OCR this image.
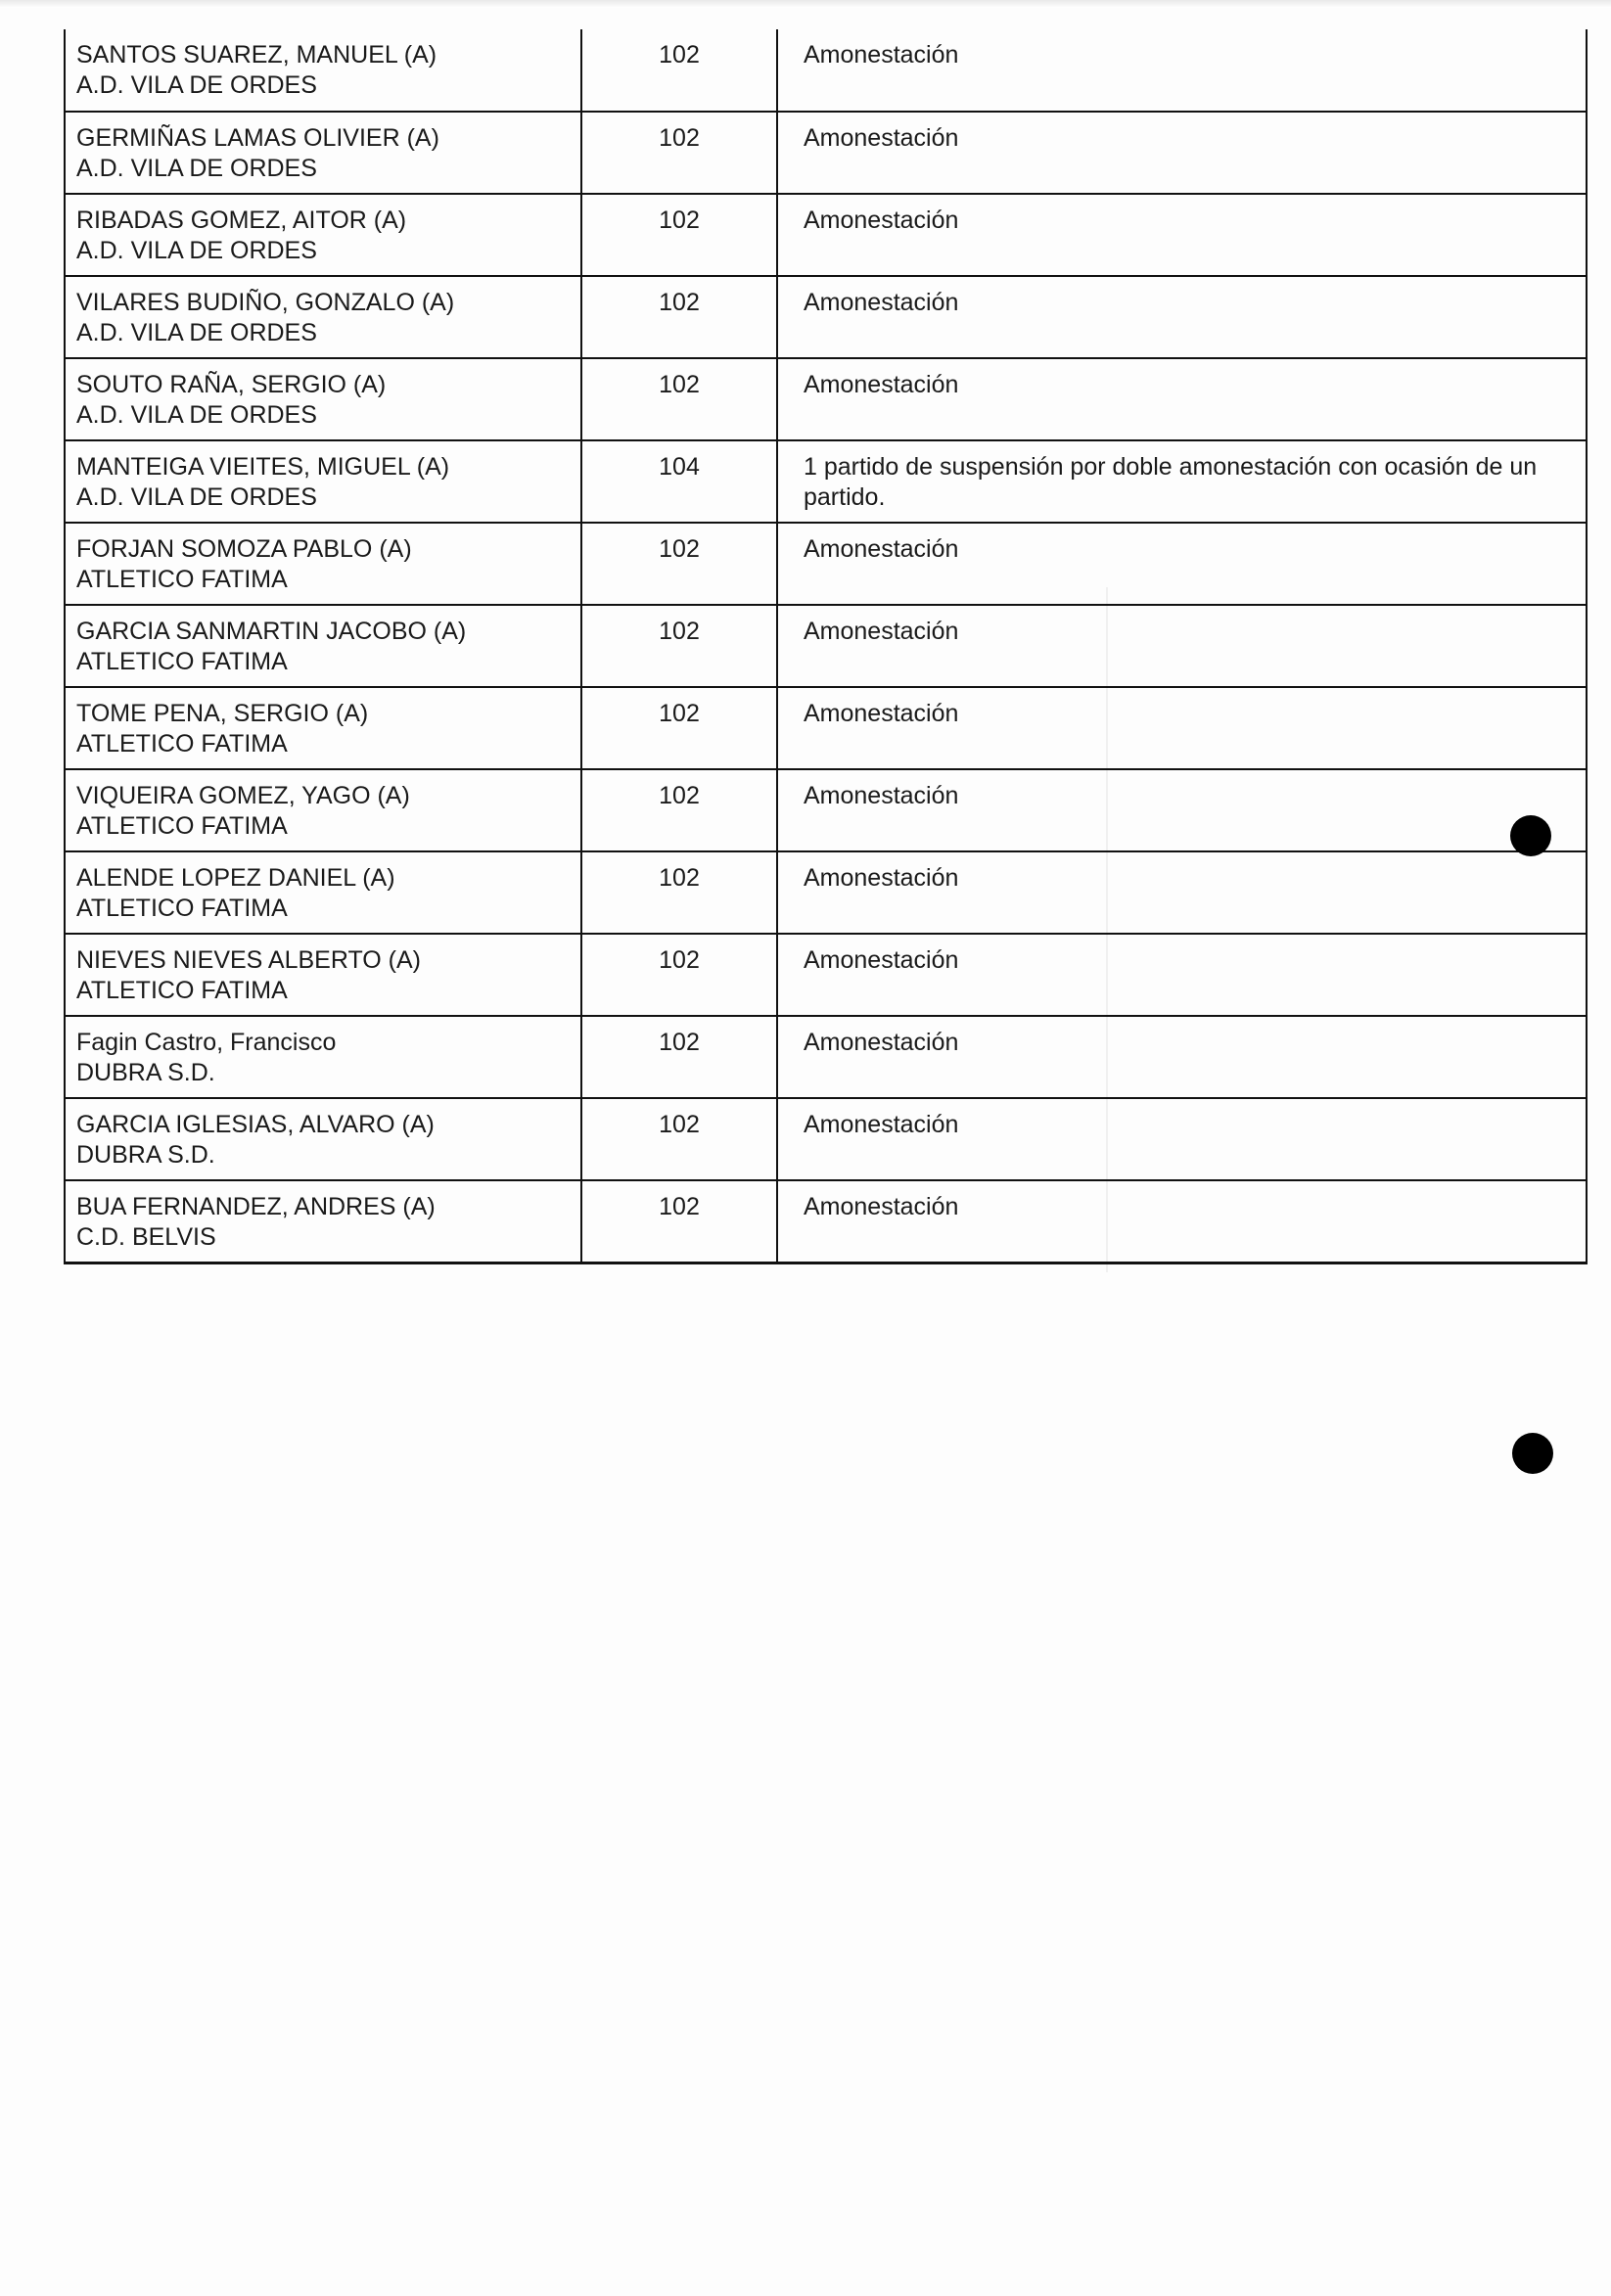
SANTOS SUAREZ, MANUEL (A)
A.D. VILA DE ORDES	102	Amonestación

GERMIÑAS LAMAS OLIVIER (A)
A.D. VILA DE ORDES	102	Amonestación

RIBADAS GOMEZ, AITOR (A)
A.D. VILA DE ORDES	102	Amonestación

VILARES BUDIÑO, GONZALO (A)
A.D. VILA DE ORDES	102	Amonestación

SOUTO RAÑA, SERGIO (A)
A.D. VILA DE ORDES	102	Amonestación

MANTEIGA VIEITES, MIGUEL (A)
A.D. VILA DE ORDES	104	1 partido de suspensión por doble amonestación con ocasión de un partido.

FORJAN SOMOZA PABLO (A)
ATLETICO FATIMA	102	Amonestación

GARCIA SANMARTIN JACOBO (A)
ATLETICO FATIMA	102	Amonestación

TOME PENA, SERGIO (A)
ATLETICO FATIMA	102	Amonestación

VIQUEIRA GOMEZ, YAGO (A)
ATLETICO FATIMA	102	Amonestación

ALENDE LOPEZ DANIEL (A)
ATLETICO FATIMA	102	Amonestación

NIEVES NIEVES ALBERTO (A)
ATLETICO FATIMA	102	Amonestación

Fagin Castro, Francisco
DUBRA S.D.	102	Amonestación

GARCIA IGLESIAS, ALVARO (A)
DUBRA S.D.	102	Amonestación

BUA FERNANDEZ, ANDRES (A)
C.D. BELVIS	102	Amonestación
